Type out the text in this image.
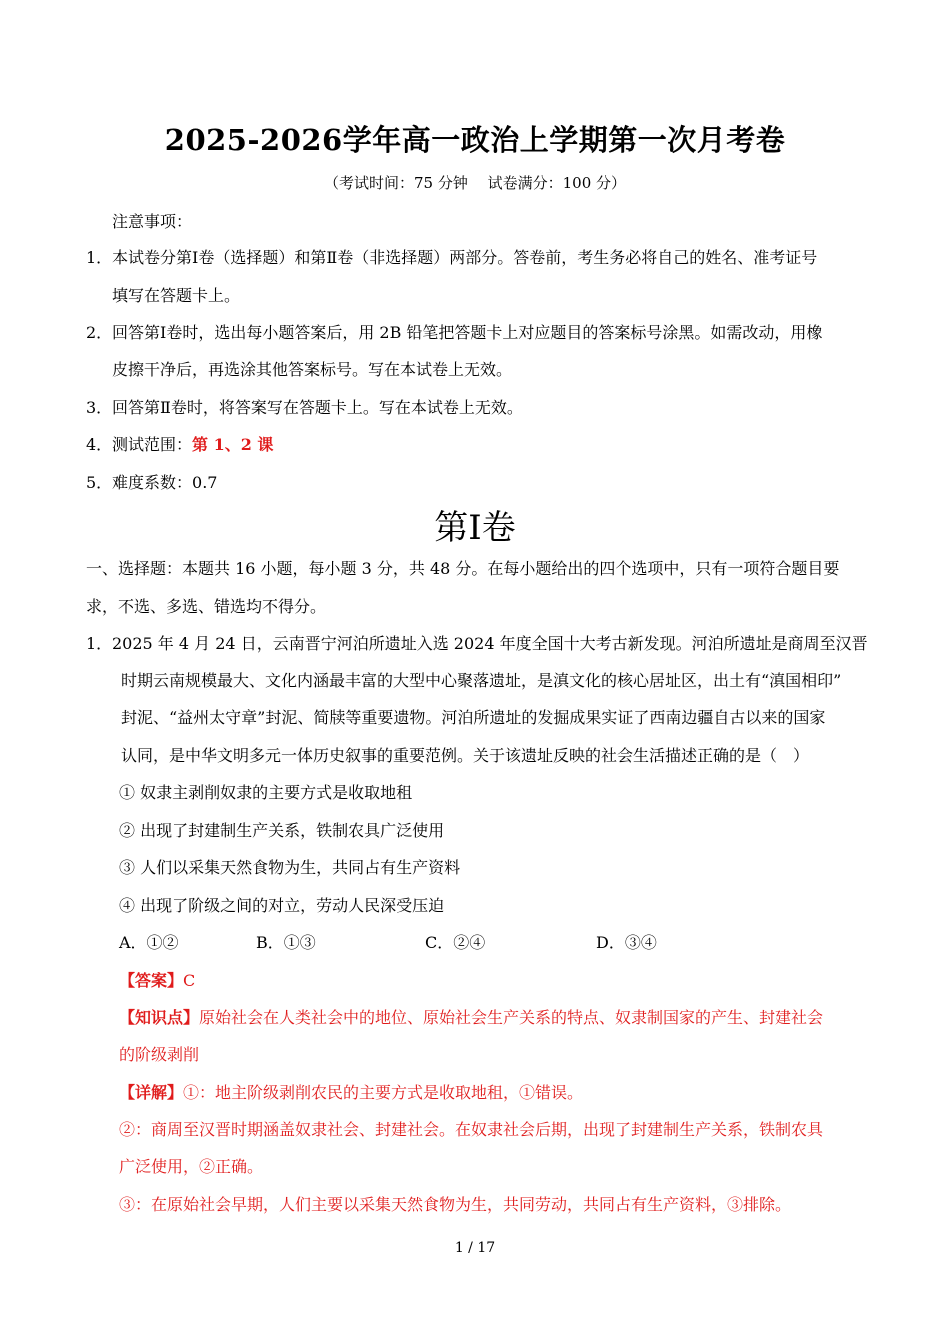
2025-2026学年高一政治上学期第一次月考卷
（考试时间：75 分钟　 试卷满分：100 分）
注意事项：
1． 本试卷分第Ⅰ卷（选择题）和第Ⅱ卷（非选择题）两部分。答卷前，考生务必将自己的姓名、准考证号
填写在答题卡上。
2． 回答第Ⅰ卷时，选出每小题答案后，用 2B 铅笔把答题卡上对应题目的答案标号涂黑。如需改动，用橡
皮擦干净后，再选涂其他答案标号。写在本试卷上无效。
3． 回答第Ⅱ卷时，将答案写在答题卡上。写在本试卷上无效。
4． 测试范围：第 1、2 课
5． 难度系数：0.7
第Ⅰ卷
一、选择题：本题共 16 小题，每小题 3 分，共 48 分。在每小题给出的四个选项中，只有一项符合题目要
求，不选、多选、错选均不得分。
1． 2025 年 4 月 24 日，云南晋宁河泊所遗址入选 2024 年度全国十大考古新发现。河泊所遗址是商周至汉晋
时期云南规模最大、文化内涵最丰富的大型中心聚落遗址，是滇文化的核心居址区，出土有“滇国相印”
封泥、“益州太守章”封泥、简牍等重要遗物。河泊所遗址的发掘成果实证了西南边疆自古以来的国家
认同，是中华文明多元一体历史叙事的重要范例。关于该遗址反映的社会生活描述正确的是（　）
① 奴隶主剥削奴隶的主要方式是收取地租
② 出现了封建制生产关系，铁制农具广泛使用
③ 人们以采集天然食物为生，共同占有生产资料
④ 出现了阶级之间的对立，劳动人民深受压迫
A．①②	B．①③	C．②④	D．③④
【答案】C
【知识点】原始社会在人类社会中的地位、原始社会生产关系的特点、奴隶制国家的产生、封建社会
的阶级剥削
【详解】①：地主阶级剥削农民的主要方式是收取地租，①错误。
②：商周至汉晋时期涵盖奴隶社会、封建社会。在奴隶社会后期，出现了封建制生产关系，铁制农具
广泛使用，②正确。
③：在原始社会早期，人们主要以采集天然食物为生，共同劳动，共同占有生产资料，③排除。
1 / 17
